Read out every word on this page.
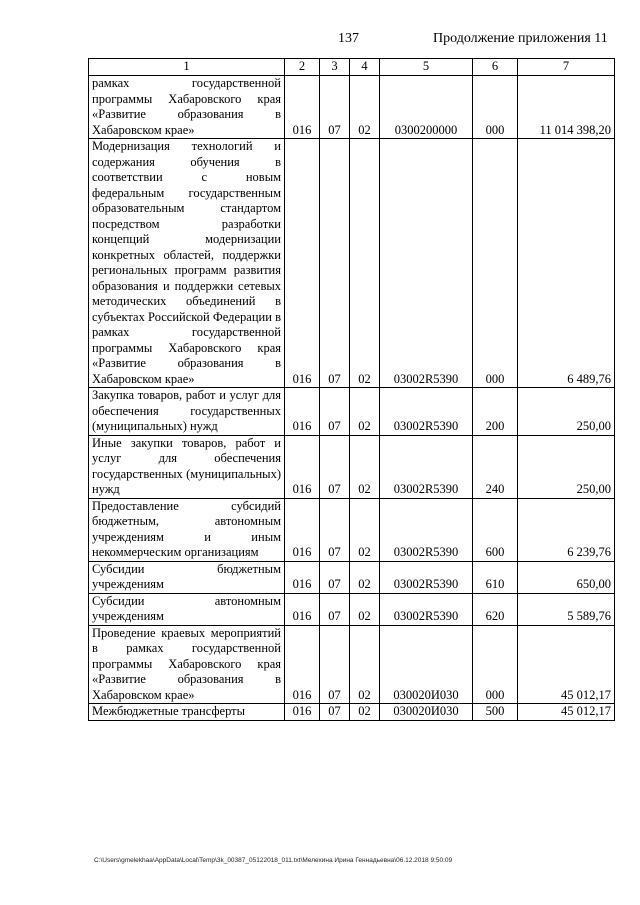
137	Продолжение приложения 11
1	2	3	4	5	6	7
рамках государственной программы Хабаровского края «Развитие образования в Хабаровском крае»	016	07	02	0300200000	000	11 014 398,20
Модернизация технологий и содержания обучения в соответствии с новым федеральным государственным образовательным стандартом посредством разработки концепций модернизации конкретных областей, поддержки региональных программ развития образования и поддержки сетевых методических объединений в субъектах Российской Федерации в рамках государственной программы Хабаровского края «Развитие образования в Хабаровском крае»	016	07	02	03002R5390	000	6 489,76
Закупка товаров, работ и услуг для обеспечения государственных (муниципальных) нужд	016	07	02	03002R5390	200	250,00
Иные закупки товаров, работ и услуг для обеспечения государственных (муниципальных) нужд	016	07	02	03002R5390	240	250,00
Предоставление субсидий бюджетным, автономным учреждениям и иным некоммерческим организациям	016	07	02	03002R5390	600	6 239,76
Субсидии бюджетным учреждениям	016	07	02	03002R5390	610	650,00
Субсидии автономным учреждениям	016	07	02	03002R5390	620	5 589,76
Проведение краевых мероприятий в рамках государственной программы Хабаровского края «Развитие образования в Хабаровском крае»	016	07	02	030020И030	000	45 012,17
Межбюджетные трансферты	016	07	02	030020И030	500	45 012,17
C:\Users\gmelekhaa\AppData\Local\Temp\3k_00387_05122018_011.txt\Мелехина Ирина Геннадьевна\06.12.2018 9:50:09
